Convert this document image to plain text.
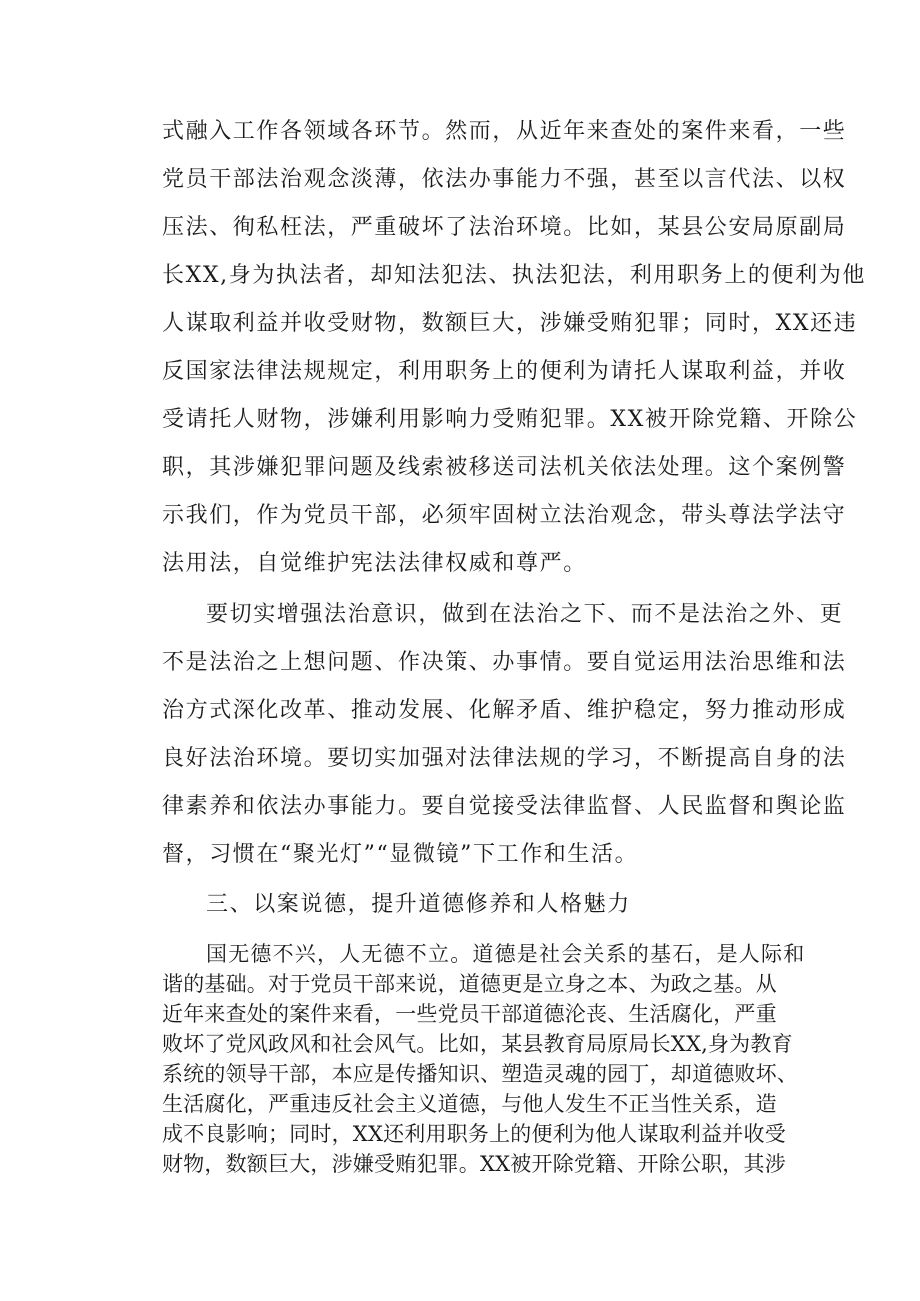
式融入工作各领域各环节。然而，从近年来查处的案件来看，一些
党员干部法治观念淡薄，依法办事能力不强，甚至以言代法、以权
压法、徇私枉法，严重破坏了法治环境。比如，某县公安局原副局
长XX,身为执法者，却知法犯法、执法犯法，利用职务上的便利为他
人谋取利益并收受财物，数额巨大，涉嫌受贿犯罪；同时，XX还违
反国家法律法规规定，利用职务上的便利为请托人谋取利益，并收
受请托人财物，涉嫌利用影响力受贿犯罪。XX被开除党籍、开除公
职，其涉嫌犯罪问题及线索被移送司法机关依法处理。这个案例警
示我们，作为党员干部，必须牢固树立法治观念，带头尊法学法守
法用法，自觉维护宪法法律权威和尊严。
要切实增强法治意识，做到在法治之下、而不是法治之外、更
不是法治之上想问题、作决策、办事情。要自觉运用法治思维和法
治方式深化改革、推动发展、化解矛盾、维护稳定，努力推动形成
良好法治环境。要切实加强对法律法规的学习，不断提高自身的法
律素养和依法办事能力。要自觉接受法律监督、人民监督和舆论监
督，习惯在“聚光灯”“显微镜”下工作和生活。
三、以案说德，提升道德修养和人格魅力
国无德不兴，人无德不立。道德是社会关系的基石，是人际和
谐的基础。对于党员干部来说，道德更是立身之本、为政之基。从
近年来查处的案件来看，一些党员干部道德沦丧、生活腐化，严重
败坏了党风政风和社会风气。比如，某县教育局原局长XX,身为教育
系统的领导干部，本应是传播知识、塑造灵魂的园丁，却道德败坏、
生活腐化，严重违反社会主义道德，与他人发生不正当性关系，造
成不良影响；同时，XX还利用职务上的便利为他人谋取利益并收受
财物，数额巨大，涉嫌受贿犯罪。XX被开除党籍、开除公职，其涉
